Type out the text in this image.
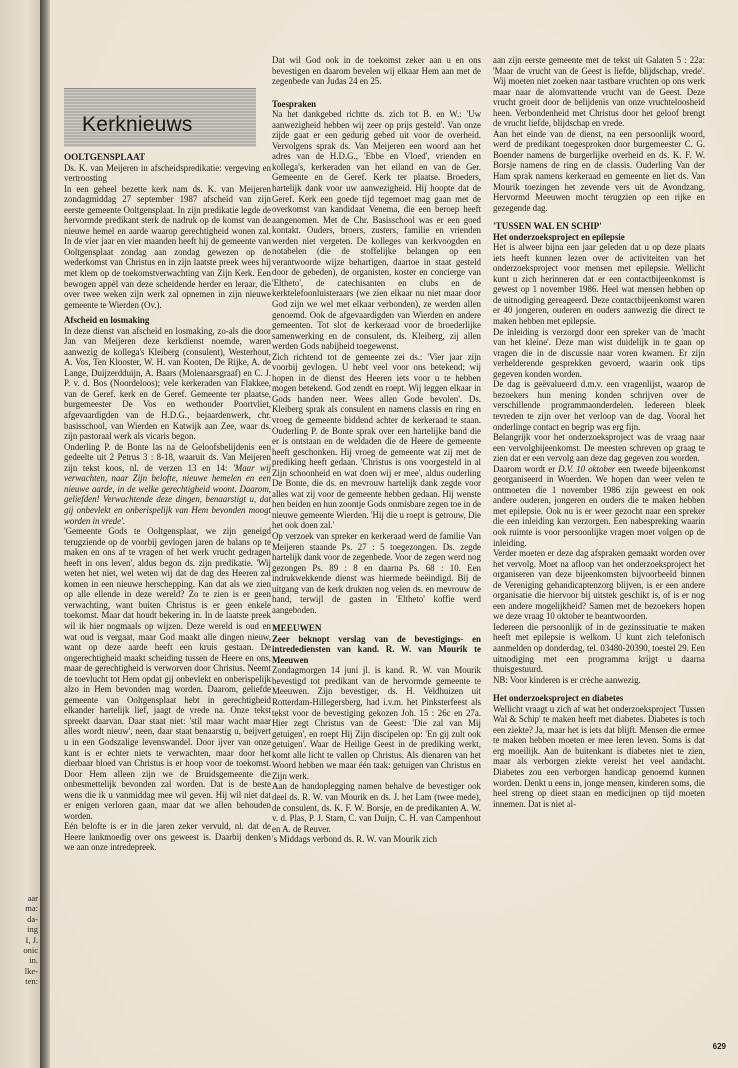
aar
ma:
da-
ing
I, J.
onic
in.
lke-
ten:
Kerknieuws
OOLTGENSPLAAT

Ds. K. van Meijeren in afscheidspredikatie: vergeving en vertroosting

In een geheel bezette kerk nam ds. K. van Meijeren zondagmiddag 27 september 1987 afscheid van zijn eerste gemeente Ooltgensplaat. In zijn predikatie legde de hervormde predikant sterk de nadruk op de komst van de nieuwe hemel en aarde waarop gerechtigheid wonen zal. In de vier jaar en vier maanden heeft hij de gemeente van Ooltgensplaat zondag aan zondag gewezen op de wederkomst van Christus en in zijn laatste preek wees hij met klem op de toekomstverwachting van Zijn Kerk. Een bewogen appèl van deze scheidende herder en leraar, die over twee weken zijn werk zal opnemen in zijn nieuwe gemeente te Wierden (Ov.).

Afscheid en losmaking

In deze dienst van afscheid en losmaking, zo-als die door Jan van Meijeren deze kerkdienst noemde, waren aanwezig de kollega's Kleiberg (consulent), Westerhout, A. Vos, Ten Klooster, W. H. van Kooten, De Rijke, A. de Lange, Duijzerdduijn, A. Baars (Molenaarsgraaf) en C. J. P. v. d. Bos (Noordeloos); vele kerkeraden van Flakkee, van de Geref. kerk en de Geref. Gemeente ter plaatse, burgemeester De Vos en wethouder Poortvliet, afgevaardigden van de H.D.G., bejaardenwerk, chr. basisschool, van Wierden en Katwijk aan Zee, waar ds. zijn pastoraal werk als vicaris begon.

Onderling P. de Bonte las na de Geloofsbelijdenis een gedeelte uit 2 Petrus 3 : 8-18, waaruit ds. Van Meijeren zijn tekst koos, nl. de verzen 13 en 14: 'Maar wij verwachten, naar Zijn belofte, nieuwe hemelen en een nieuwe aarde, in de welke gerechtigheid woont. Daarom, geliefden! Verwachtende deze dingen, benaarstigt u, dat gij onbevlekt en onberispelijk van Hem bevonden moogt worden in vrede'.

'Gemeente Gods te Ooltgensplaat, we zijn geneigd terugziende op de voorbij gevlogen jaren de balans op te maken en ons af te vragen of het werk vrucht gedragen heeft in ons leven', aldus begon ds. zijn predikatie. 'Wij weten het niet, wel weten wij dat de dag des Heeren zal komen in een nieuwe herschepping. Kan dat als we zien op alle ellende in deze wereld? Zo te zien is er geen verwachting, want buiten Christus is er geen enkele toekomst. Maar dat houdt bekering in. In de laatste preek wil ik hier nogmaals op wijzen. Deze wereld is oud en wat oud is vergaat, maar God maakt alle dingen nieuw, want op deze aarde heeft een kruis gestaan. De ongerechtigheid maakt scheiding tussen de Heere en ons, maar de gerechtigheid is verworven door Christus. Neemt de toevlucht tot Hem opdat gij onbevlekt en onberispelijk alzo in Hem bevonden mag worden. Daarom, geliefde gemeente van Ooltgensplaat hebt in gerechtigheid elkander hartelijk lief, jaagt de vrede na. Onze tekst spreekt daarvan. Daar staat niet: 'stil maar wacht maar alles wordt nieuw', neen, daar staat benaarstig u, beijvert u in een Godszalige levenswandel. Door ijver van onze kant is er echter niets te verwachten, maar door het dierbaar bloed van Christus is er hoop voor de toekomst. Door Hem alleen zijn we de Bruidsgemeente die onbesmettelijk bevonden zal worden. Dat is de beste wens die ik u vanmiddag mee wil geven. Hij wil niet dat er enigen verloren gaan, maar dat we allen behouden worden.

Eén belofte is er in die jaren zeker vervuld, nl. dat de Heere lankmoedig over ons geweest is. Daarbij denken we aan onze intredepreek.

Dat wil God ook in de toekomst zeker aan u en ons bevestigen en daarom bevelen wij elkaar Hem aan met de zegenbede van Judas 24 en 25.

Toespraken

Na het dankgebed richtte ds. zich tot B. en W.: 'Uw aanwezigheid hebben wij zeer op prijs gesteld'. Van onze zijde gaat er een gedurig gebed uit voor de overheid. Vervolgens sprak ds. Van Meijeren een woord aan het adres van de H.D.G., 'Ebbe en Vloed', vrienden en kollega's, kerkeraden van het eiland en van de Ger. Gemeente en de Geref. Kerk ter plaatse. Broeders, hartelijk dank voor uw aanwezigheid. Hij hoopte dat de Geref. Kerk een goede tijd tegemoet mag gaan met de overkomst van kandidaat Venema, die een beroep heeft aangenomen. Met de Chr. Basisschool was er een goed kontakt. Ouders, broers, zusters, familie en vrienden werden niet vergeten. De kolleges van kerkvoogden en notabelen (die de stoffelijke belangen op een verantwoorde wijze behartigen, daartoe in staat gesteld door de gebeden), de organisten, koster en concierge van 'Eltheto', de catechisanten en clubs en de kerktelefoonluisteraars (we zien elkaar nu niet maar door God zijn we wel met elkaar verbonden), ze werden allen genoemd. Ook de afgevaardigden van Wierden en andere gemeenten. Tot slot de kerkeraad voor de broederlijke samenwerking en de consulent, ds. Kleiberg, zij allen werden Gods nabijheid toegewenst.

Zich richtend tot de gemeente zei ds.: 'Vier jaar zijn voorbij gevlogen. U hebt veel voor ons betekend; wij hopen in de dienst des Heeren iets voor u te hebben mogen betekend. God zendt en roept. Wij leggen elkaar in Gods handen neer. Wees allen Gode bevolen'. Ds. Kleiberg sprak als consulent en namens classis en ring en vroeg de gemeente biddend achter de kerkeraad te staan. Ouderling P. de Bonte sprak over een hartelijke band die er is ontstaan en de weldaden die de Heere de gemeente heeft geschonken. Hij vroeg de gemeente wat zij met de prediking heeft gedaan. 'Christus is ons voorgesteld in al Zijn schoonheid en wat doen wij er mee', aldus ouderling De Bonte, die ds. en mevrouw hartelijk dank zegde voor alles wat zij voor de gemeente hebben gedaan. Hij wenste hen beiden en hun zoontje Gods onmisbare zegen toe in de nieuwe gemeente Wierden. 'Hij die u roept is getrouw, Die het ook doen zal.'

Op verzoek van spreker en kerkeraad werd de familie Van Meijeren staande Ps. 27 : 5 toegezongen. Ds. zegde hartelijk dank voor de zegenbede. Voor de zegen werd nog gezongen Ps. 89 : 8 en daarna Ps. 68 : 10. Een indrukwekkende dienst was hiermede beëindigd. Bij de uitgang van de kerk drukten nog velen ds. en mevrouw de hand, terwijl de gasten in 'Eltheto' koffie werd aangeboden.

MEEUWEN
Zeer beknopt verslag van de bevestigings- en intredediensten van kand. R. W. van Mourik te Meeuwen

Zondagmorgen 14 juni jl. is kand. R. W. van Mourik bevestigd tot predikant van de hervormde gemeente te Meeuwen. Zijn bevestiger, ds. H. Veldhuizen uit Rotterdam-Hillegersberg, had i.v.m. het Pinksterfeest als tekst voor de bevestiging gekozen Joh. 15 : 26c en 27a. Hier zegt Christus van de Geest: 'Die zal van Mij getuigen', en roept Hij Zijn discipelen op: 'En gij zult ook getuigen'. Waar de Heilige Geest in de prediking werkt, komt alle licht te vallen op Christus. Als dienaren van het Woord hebben we maar één taak: getuigen van Christus en Zijn werk.

Aan de handoplegging namen behalve de bevestiger ook deel ds. R. W. van Mourik en ds. J. het Lam (twee mede), de consulent, ds. K. F. W. Borsje, en de predikanten A. W. v. d. Plas, P. J. Stam, C. van Duijn, C. H. van Campenhout en A. de Reuver.

's Middags verbond ds. R. W. van Mourik zich

aan zijn eerste gemeente met de tekst uit Galaten 5 : 22a: 'Maar de vrucht van de Geest is liefde, blijdschap, vrede'. Wij moeten niet zoeken naar tastbare vruchten op ons werk maar naar de alomvattende vrucht van de Geest. Deze vrucht groeit door de belijdenis van onze vruchteloosheid heen. Verbondenheid met Christus door het geloof brengt de vrucht liefde, blijdschap en vrede.

Aan het einde van de dienst, na een persoonlijk woord, werd de predikant toegesproken door burgemeester C. G. Boender namens de burgerlijke overheid en ds. K. F. W. Borsje namens de ring en de classis. Ouderling Van der Ham sprak namens kerkeraad en gemeente en liet ds. Van Mourik toezingen het zevende vers uit de Avondzang. Hervormd Meeuwen mocht terugzien op een rijke en gezegende dag.

'TUSSEN WAL EN SCHIP'
Het onderzoeksproject en epilepsie

Het is alweer bijna een jaar geleden dat u op deze plaats iets heeft kunnen lezen over de activiteiten van het onderzoeksproject voor mensen met epilepsie. Wellicht kunt u zich herinneren dat er een contactbijeenkomst is gewest op 1 november 1986. Heel wat mensen hebben op de uitnodiging gereageerd. Deze contactbijeenkomst waren er 40 jongeren, ouderen en ouders aanwezig die direct te maken hebben met epilepsie.

De inleiding is verzorgd door een spreker van de 'macht van het kleine'. Deze man wist duidelijk in te gaan op vragen die in de discussie naar voren kwamen. Er zijn verhelderende gesprekken gevoerd, waarin ook tips gegeven konden worden.

De dag is geëvalueerd d.m.v. een vragenlijst, waarop de bezoekers hun mening konden schrijven over de verschillende programmaonderdelen. Iedereen bleek tevreden te zijn over het verloop van de dag. Vooral het onderlinge contact en begrip was erg fijn.

Belangrijk voor het onderzoeksproject was de vraag naar een vervolgbijeenkomst. De meesten schreven op graag te zien dat er een vervolg aan deze dag gegeven zou worden.

Daarom wordt er D.V. 10 oktober een tweede bijeenkomst georganiseerd in Woerden. We hopen dan weer velen te ontmoeten die 1 november 1986 zijn geweest en ook andere ouderen, jongeren en ouders die te maken hebben met epilepsie. Ook nu is er weer gezocht naar een spreker die een inleiding kan verzorgen. Een nabespreking waarin ook ruimte is voor persoonlijke vragen moet volgen op de inleiding.

Verder moeten er deze dag afspraken gemaakt worden over het vervolg. Moet na afloop van het onderzoeksproject het organiseren van deze bijeenkomsten bijvoorbeeld binnen de Vereniging gehandicaptenzorg blijven, is er een andere organisatie die hiervoor bij uitstek geschikt is, of is er nog een andere mogelijkheid? Samen met de bezoekers hopen we deze vraag 10 oktober te beantwoorden.

Iedereen die persoonlijk of in de gezinssituatie te maken heeft met epilepsie is welkom. U kunt zich telefonisch aanmelden op donderdag, tel. 03480-20390, toestel 29. Een uitnodiging met een programma krijgt u daarna thuisgestuurd.

NB: Voor kinderen is er crèche aanwezig.

Het onderzoeksproject en diabetes

Wellicht vraagt u zich af wat het onderzoeksproject 'Tussen Wal & Schip' te maken heeft met diabetes. Diabetes is toch een ziekte? Ja, maar het is iets dat blijft. Mensen die ermee te maken hebben moeten er mee leren leven. Soms is dat erg moeilijk. Aan de buitenkant is diabetes niet te zien, maar als verborgen ziekte vereist het veel aandacht. Diabetes zou een verborgen handicap genoemd kunnen worden. Denkt u eens in, jonge mensen, kinderen soms, die heel streng op dieet staan en medicijnen op tijd moeten innemen. Dat is niet al-

629
